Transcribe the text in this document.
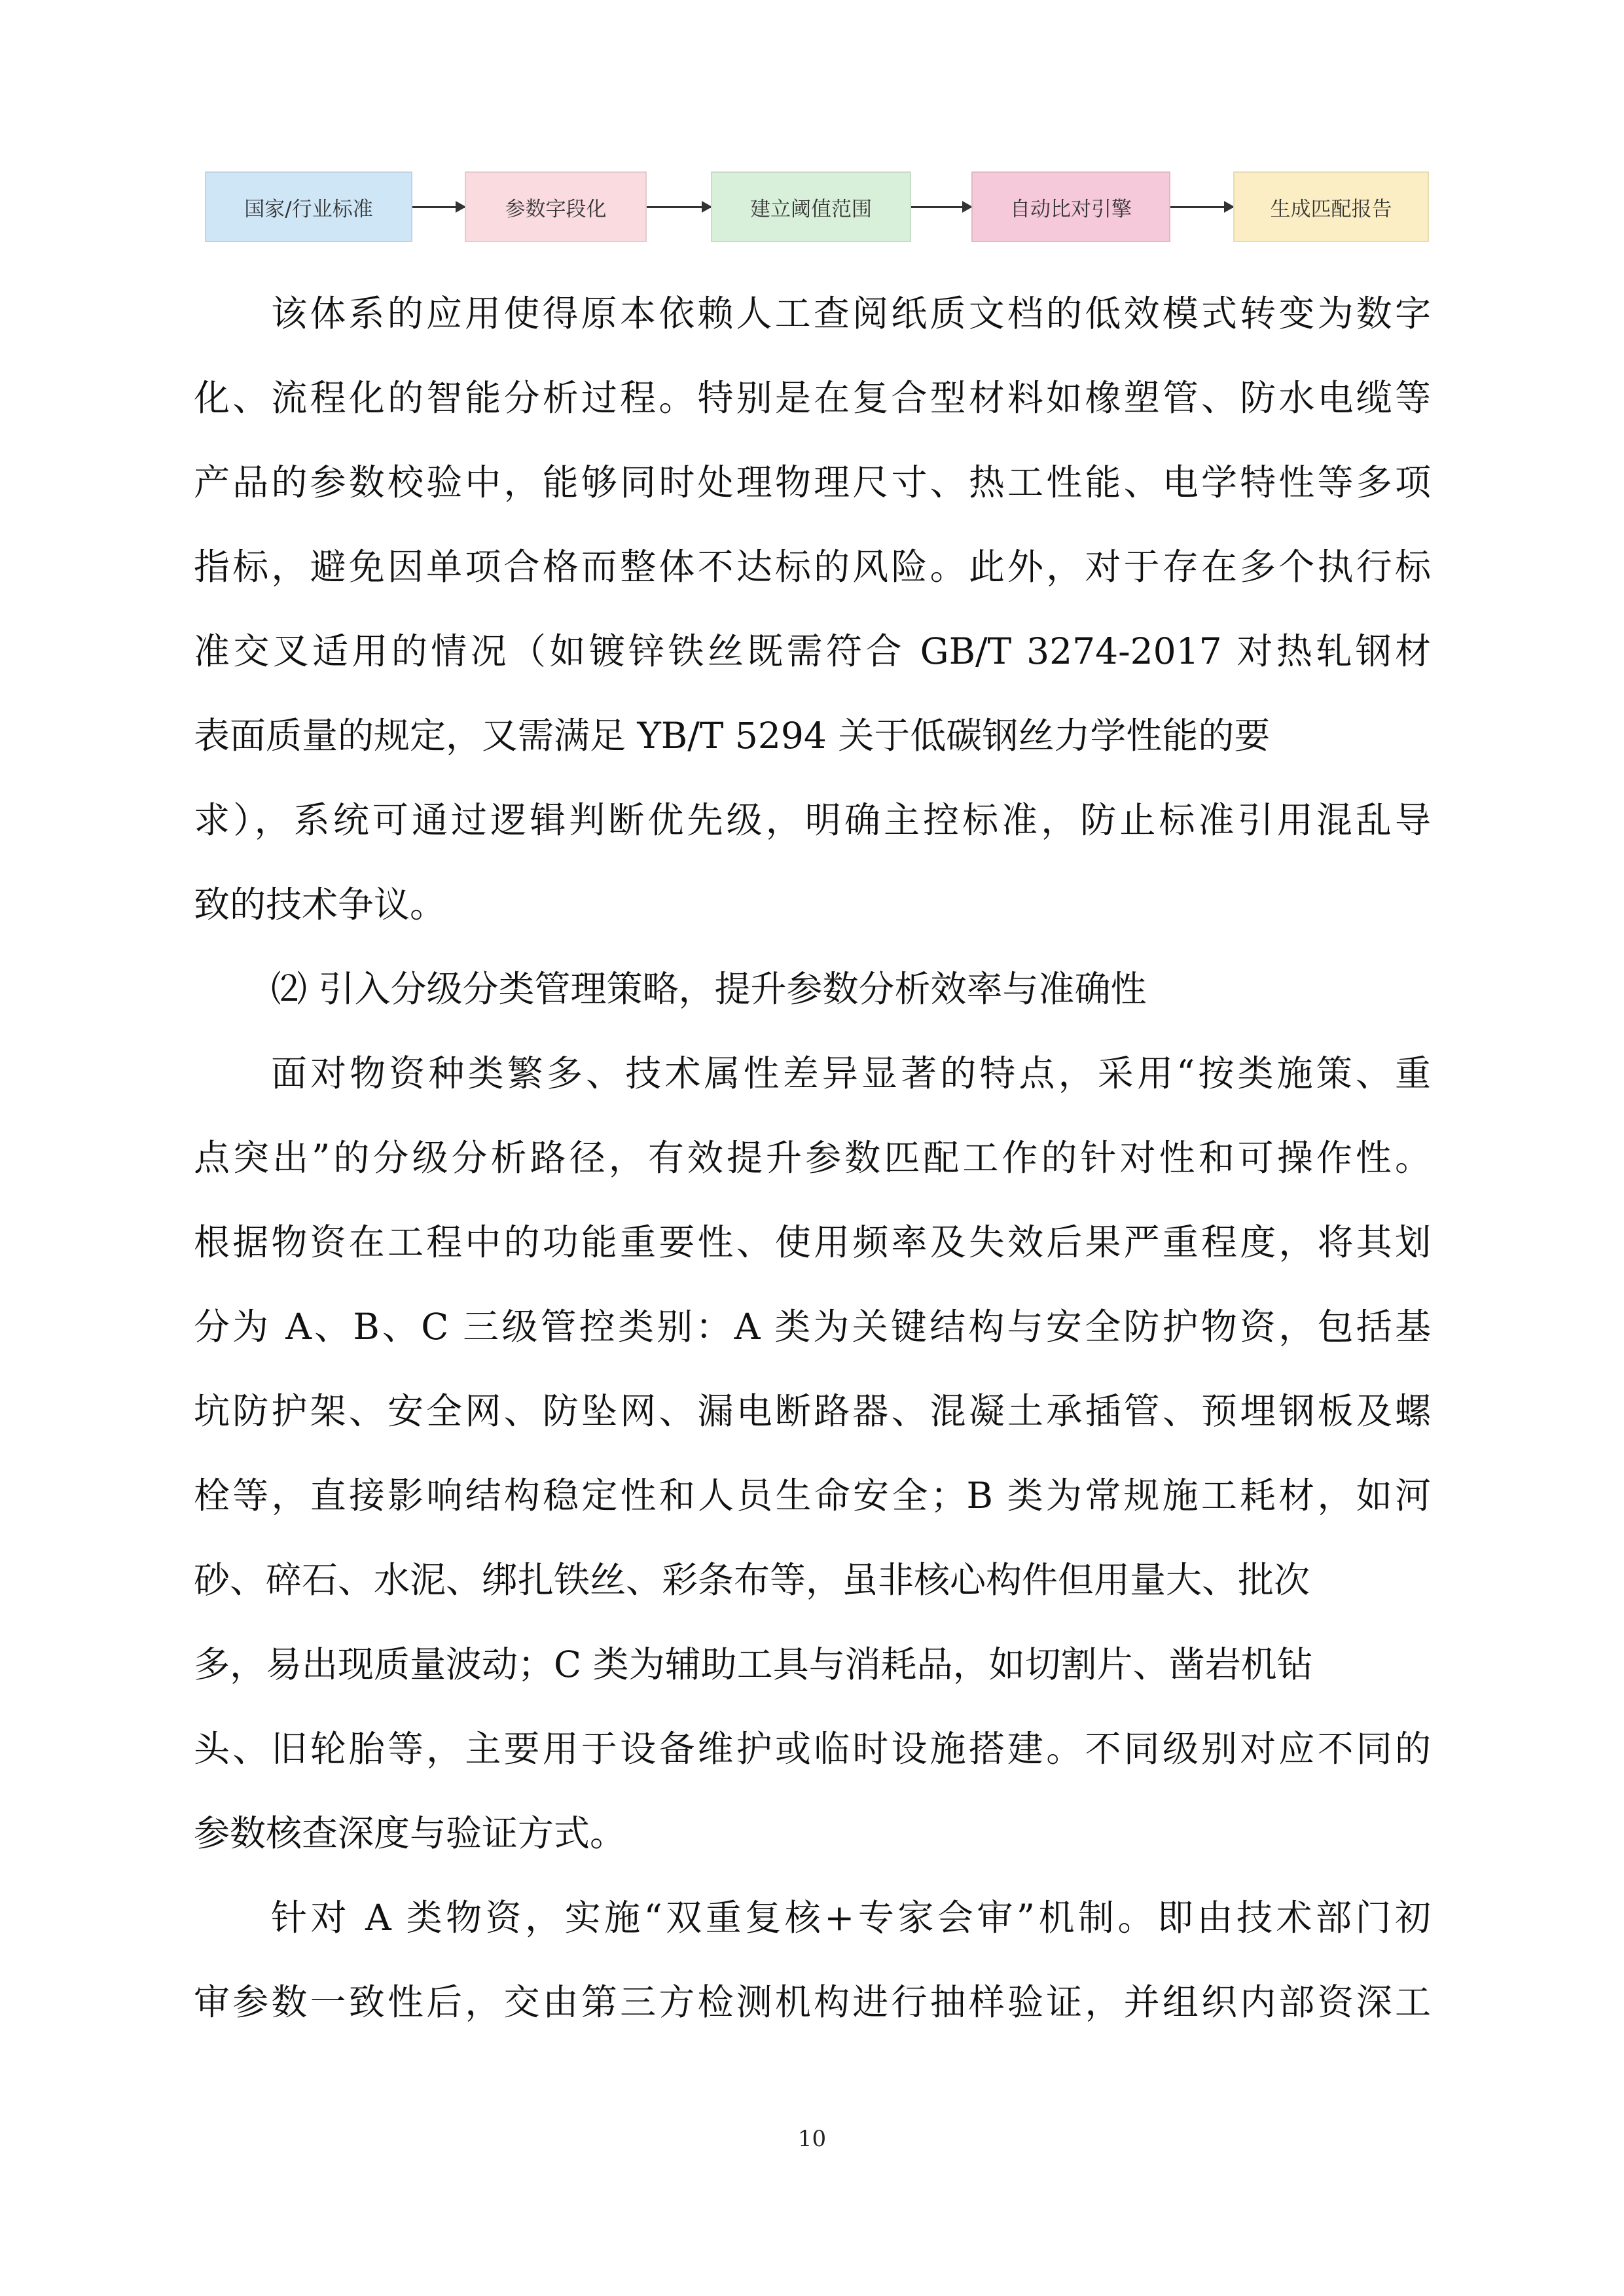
国家/行业标准	参数字段化	建立阈值范围	自动比对引擎	生成匹配报告
该体系的应用使得原本依赖人工查阅纸质文档的低效模式转变为数字
化、流程化的智能分析过程。特别是在复合型材料如橡塑管、防水电缆等
产品的参数校验中，能够同时处理物理尺寸、热工性能、电学特性等多项
指标，避免因单项合格而整体不达标的风险。此外，对于存在多个执行标
准交叉适用的情况（如镀锌铁丝既需符合 GB/T 3274-2017 对热轧钢材
表面质量的规定，又需满足 YB/T 5294 关于低碳钢丝力学性能的要
求），系统可通过逻辑判断优先级，明确主控标准，防止标准引用混乱导
致的技术争议。
⑵ 引入分级分类管理策略，提升参数分析效率与准确性
面对物资种类繁多、技术属性差异显著的特点，采用“按类施策、重
点突出”的分级分析路径，有效提升参数匹配工作的针对性和可操作性。
根据物资在工程中的功能重要性、使用频率及失效后果严重程度，将其划
分为 A、B、C 三级管控类别：A 类为关键结构与安全防护物资，包括基
坑防护架、安全网、防坠网、漏电断路器、混凝土承插管、预埋钢板及螺
栓等，直接影响结构稳定性和人员生命安全；B 类为常规施工耗材，如河
砂、碎石、水泥、绑扎铁丝、彩条布等，虽非核心构件但用量大、批次
多，易出现质量波动；C 类为辅助工具与消耗品，如切割片、凿岩机钻
头、旧轮胎等，主要用于设备维护或临时设施搭建。不同级别对应不同的
参数核查深度与验证方式。
针对 A 类物资，实施“双重复核+专家会审”机制。即由技术部门初
审参数一致性后，交由第三方检测机构进行抽样验证，并组织内部资深工
10
